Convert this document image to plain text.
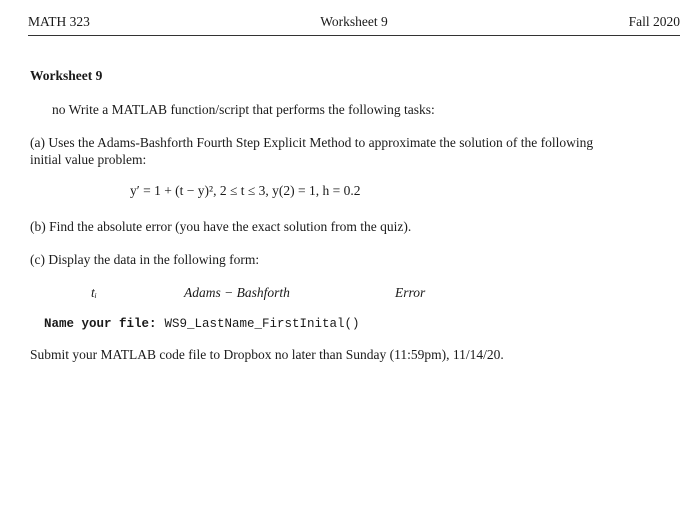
MATH 323	Worksheet 9	Fall 2020
Worksheet 9
no Write a MATLAB function/script that performs the following tasks:
(a) Uses the Adams-Bashforth Fourth Step Explicit Method to approximate the solution of the following
initial value problem:
y′ = 1 + (t − y)², 2 ≤ t ≤ 3, y(2) = 1, h = 0.2
(b) Find the absolute error (you have the exact solution from the quiz).
(c) Display the data in the following form:
tᵢ	Adams − Bashforth	Error
Name your file: WS9_LastName_FirstInital()
Submit your MATLAB code file to Dropbox no later than Sunday (11:59pm), 11/14/20.
